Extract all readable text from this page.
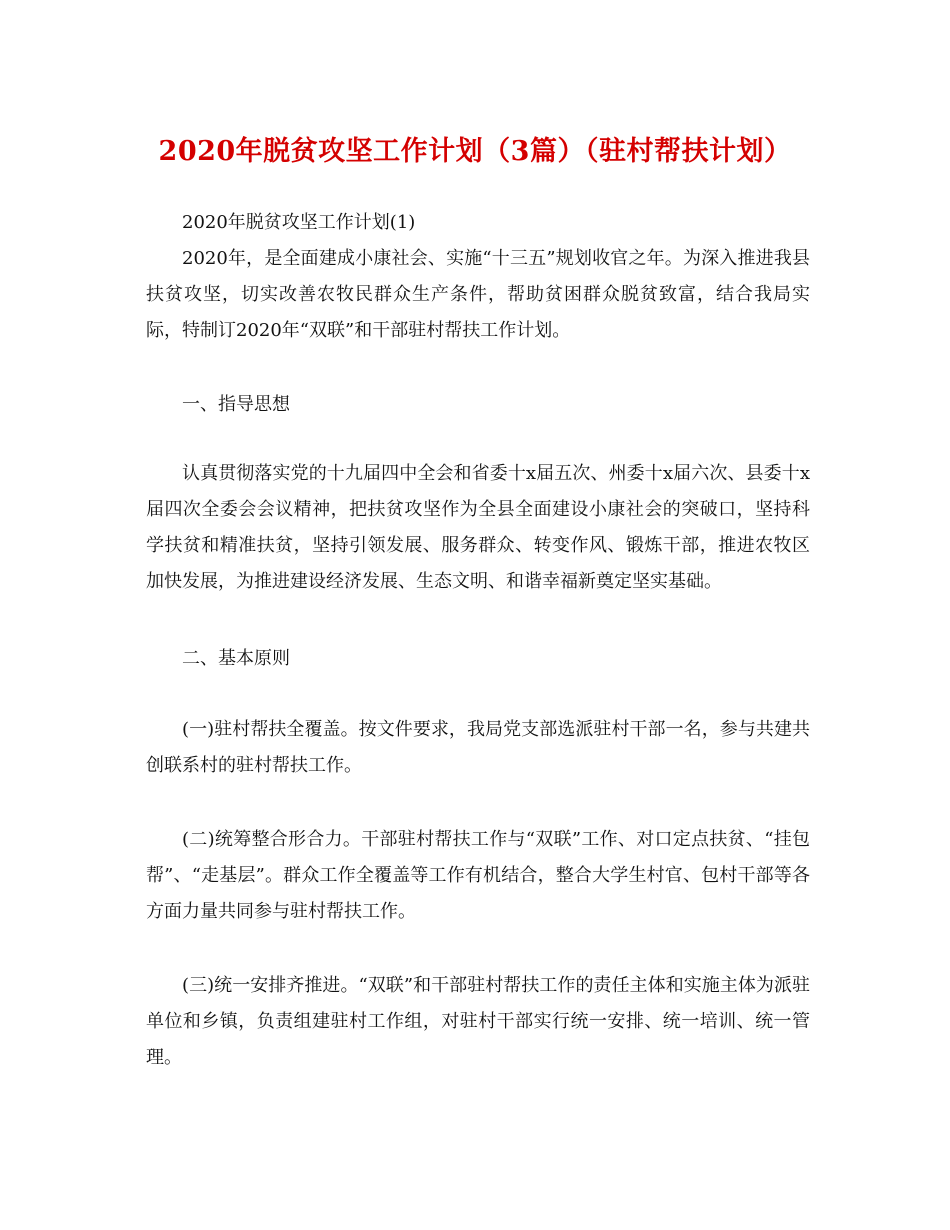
2020年脱贫攻坚工作计划（3篇）（驻村帮扶计划）
2020年脱贫攻坚工作计划(1)
2020年，是全面建成小康社会、实施“十三五”规划收官之年。为深入推进我县扶贫攻坚，切实改善农牧民群众生产条件，帮助贫困群众脱贫致富，结合我局实际，特制订2020年“双联”和干部驻村帮扶工作计划。
一、指导思想
认真贯彻落实党的十九届四中全会和省委十x届五次、州委十x届六次、县委十x届四次全委会会议精神，把扶贫攻坚作为全县全面建设小康社会的突破口，坚持科学扶贫和精准扶贫，坚持引领发展、服务群众、转变作风、锻炼干部，推进农牧区加快发展，为推进建设经济发展、生态文明、和谐幸福新奠定坚实基础。
二、基本原则
(一)驻村帮扶全覆盖。按文件要求，我局党支部选派驻村干部一名，参与共建共创联系村的驻村帮扶工作。
(二)统筹整合形合力。干部驻村帮扶工作与“双联”工作、对口定点扶贫、“挂包帮”、“走基层”。群众工作全覆盖等工作有机结合，整合大学生村官、包村干部等各方面力量共同参与驻村帮扶工作。
(三)统一安排齐推进。“双联”和干部驻村帮扶工作的责任主体和实施主体为派驻单位和乡镇，负责组建驻村工作组，对驻村干部实行统一安排、统一培训、统一管理。
